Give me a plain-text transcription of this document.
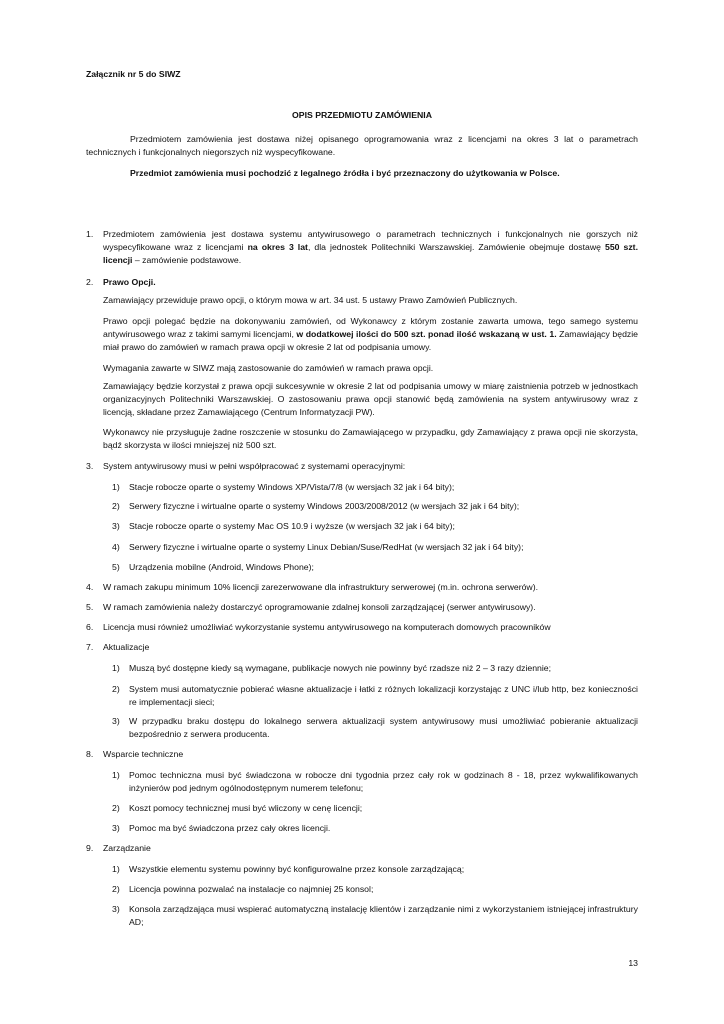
Załącznik nr 5 do SIWZ
OPIS PRZEDMIOTU ZAMÓWIENIA

Przedmiotem zamówienia jest dostawa niżej opisanego oprogramowania wraz z licencjami na okres 3 lat o parametrach technicznych i funkcjonalnych niegorszych niż wyspecyfikowane.

Przedmiot zamówienia musi pochodzić z legalnego źródła i być przeznaczony do użytkowania w Polsce.
1. Przedmiotem zamówienia jest dostawa systemu antywirusowego o parametrach technicznych i funkcjonalnych nie gorszych niż wyspecyfikowane wraz z licencjami na okres 3 lat, dla jednostek Politechniki Warszawskiej. Zamówienie obejmuje dostawę 550 szt. licencji – zamówienie podstawowe.

2. Prawo Opcji.

Zamawiający przewiduje prawo opcji, o którym mowa w art. 34 ust. 5 ustawy Prawo Zamówień Publicznych.

Prawo opcji polegać będzie na dokonywaniu zamówień, od Wykonawcy z którym zostanie zawarta umowa, tego samego systemu antywirusowego wraz z takimi samymi licencjami, w dodatkowej ilości do 500 szt. ponad ilość wskazaną w ust. 1. Zamawiający będzie miał prawo do zamówień w ramach prawa opcji w okresie 2 lat od podpisania umowy.

Wymagania zawarte w SIWZ mają zastosowanie do zamówień w ramach prawa opcji.

Zamawiający będzie korzystał z prawa opcji sukcesywnie w okresie 2 lat od podpisania umowy w miarę zaistnienia potrzeb w jednostkach organizacyjnych Politechniki Warszawskiej. O zastosowaniu prawa opcji stanowić będą zamówienia na system antywirusowy wraz z licencją, składane przez Zamawiającego (Centrum Informatyzacji PW).

Wykonawcy nie przysługuje żadne roszczenie w stosunku do Zamawiającego w przypadku, gdy Zamawiający z prawa opcji nie skorzysta, bądź skorzysta w ilości mniejszej niż 500 szt.

3. System antywirusowy musi w pełni współpracować z systemami operacyjnymi:

1) Stacje robocze oparte o systemy Windows XP/Vista/7/8 (w wersjach 32 jak i 64 bity);

2) Serwery fizyczne i wirtualne oparte o systemy Windows 2003/2008/2012 (w wersjach 32 jak i 64 bity);

3) Stacje robocze oparte o systemy Mac OS 10.9 i wyższe (w wersjach 32 jak i 64 bity);

4) Serwery fizyczne i wirtualne oparte o systemy Linux Debian/Suse/RedHat (w wersjach 32 jak i 64 bity);

5) Urządzenia mobilne (Android, Windows Phone);

4. W ramach zakupu minimum 10% licencji zarezerwowane dla infrastruktury serwerowej (m.in. ochrona serwerów).

5. W ramach zamówienia należy dostarczyć oprogramowanie zdalnej konsoli zarządzającej (serwer antywirusowy).

6. Licencja musi również umożliwiać wykorzystanie systemu antywirusowego na komputerach domowych pracowników

7. Aktualizacje

1) Muszą być dostępne kiedy są wymagane, publikacje nowych nie powinny być rzadsze niż 2 – 3 razy dziennie;

2) System musi automatycznie pobierać własne aktualizacje i łatki z różnych lokalizacji korzystając z UNC i/lub http, bez konieczności re implementacji sieci;

3) W przypadku braku dostępu do lokalnego serwera aktualizacji system antywirusowy musi umożliwiać pobieranie aktualizacji bezpośrednio z serwera producenta.

8. Wsparcie techniczne

1) Pomoc techniczna musi być świadczona w robocze dni tygodnia przez cały rok w godzinach 8 - 18, przez wykwalifikowanych inżynierów pod jednym ogólnodostępnym numerem telefonu;

2) Koszt pomocy technicznej musi być wliczony w cenę licencji;

3) Pomoc ma być świadczona przez cały okres licencji.

9. Zarządzanie

1) Wszystkie elementu systemu powinny być konfigurowalne przez konsole zarządzającą;

2) Licencja powinna pozwalać na instalacje co najmniej 25 konsol;

3) Konsola zarządzająca musi wspierać automatyczną instalację klientów i zarządzanie nimi z wykorzystaniem istniejącej infrastruktury AD;

13
